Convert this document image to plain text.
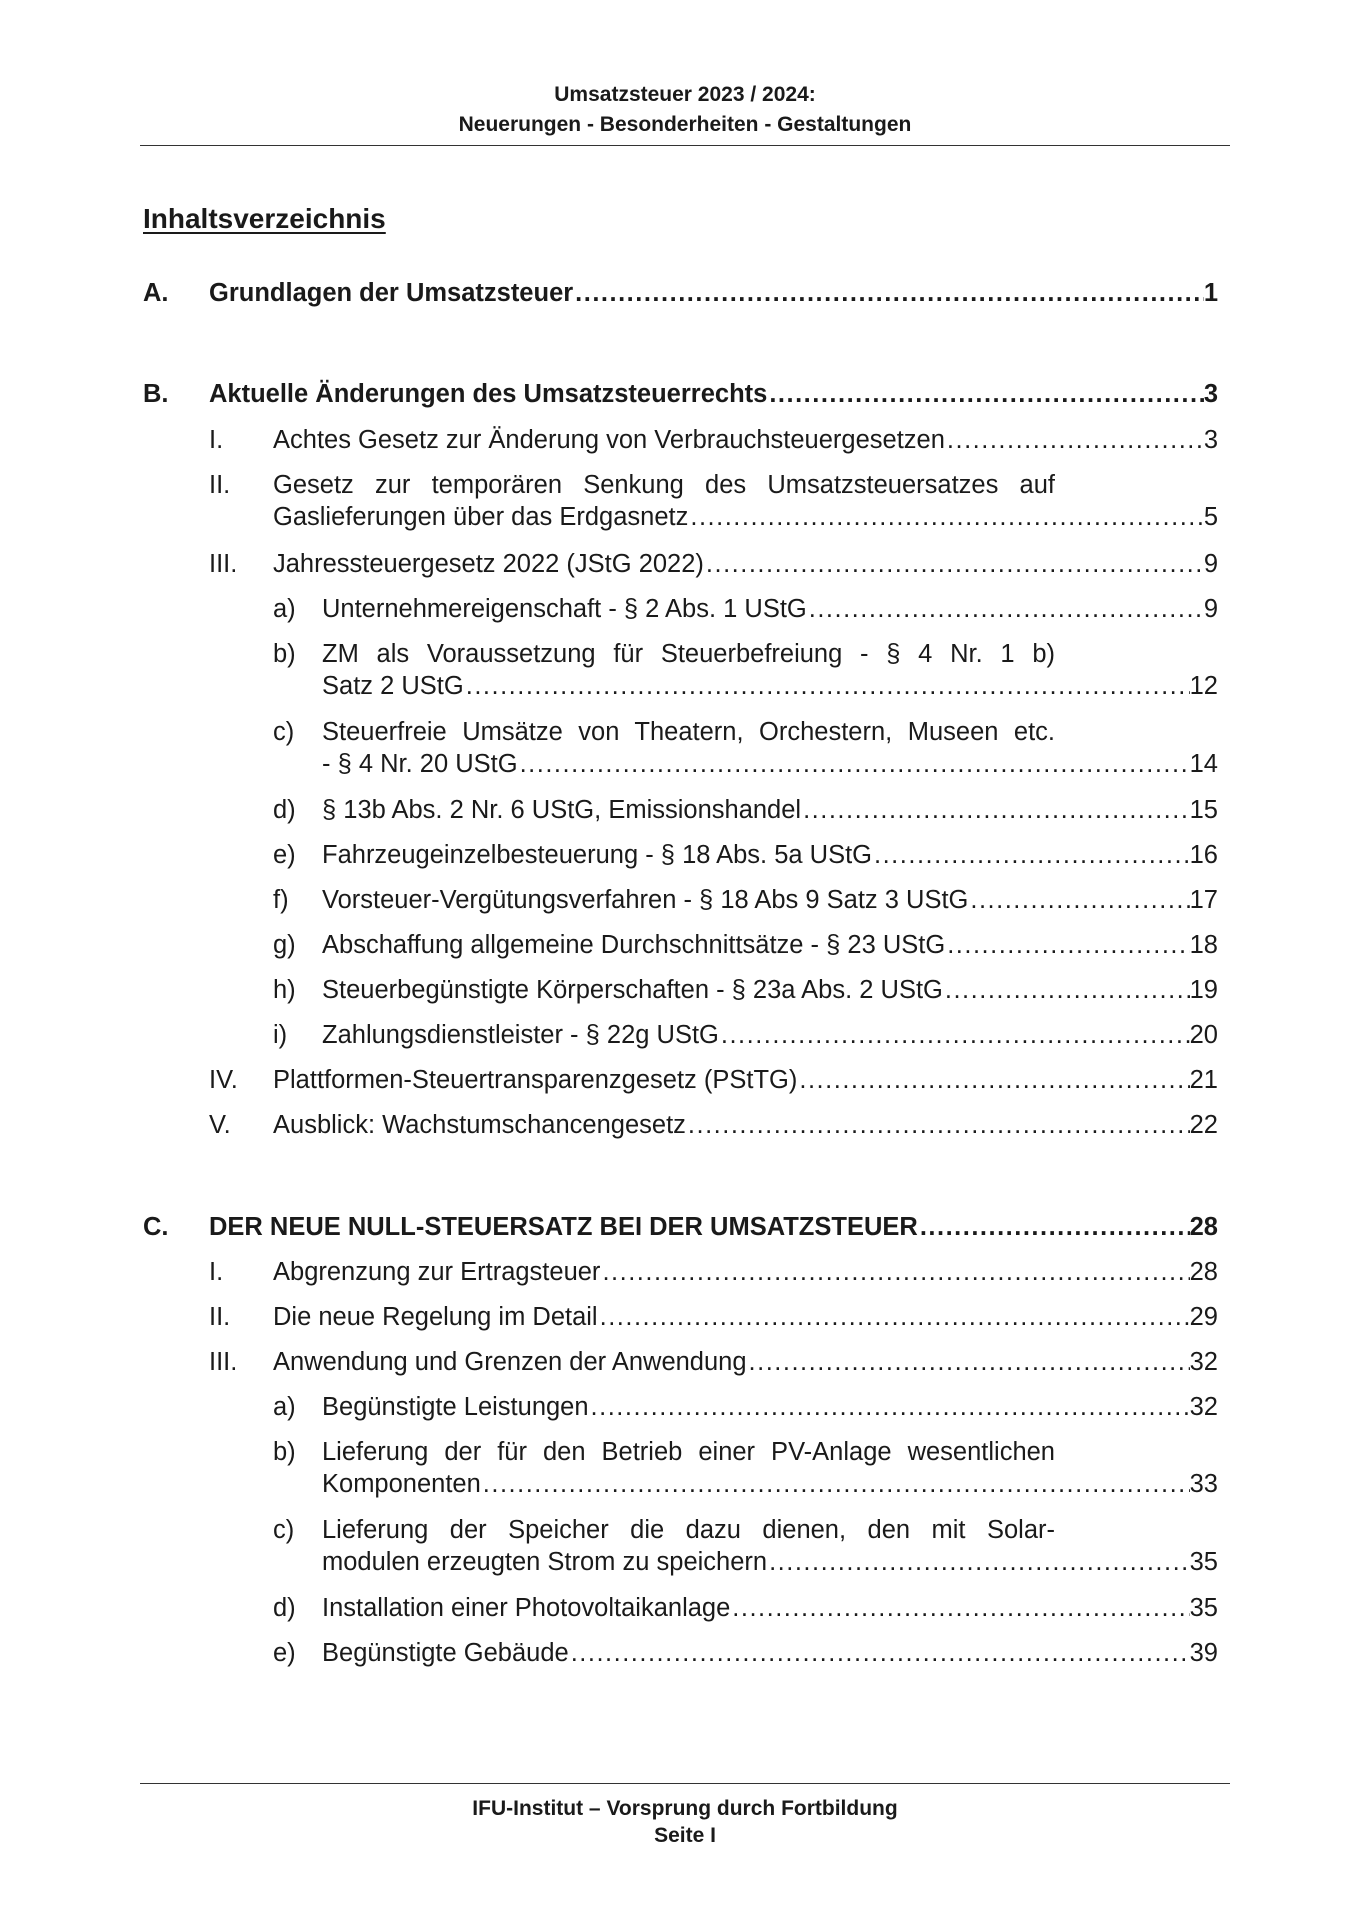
Umsatzsteuer 2023 / 2024:
Neuerungen - Besonderheiten - Gestaltungen
Inhaltsverzeichnis
A. Grundlagen der Umsatzsteuer .....	1
B. Aktuelle Änderungen des Umsatzsteuerrechts .....	3
I. Achtes Gesetz zur Änderung von Verbrauchsteuergesetzen .....	3
II. Gesetz zur temporären Senkung des Umsatzsteuersatzes auf
Gaslieferungen über das Erdgasnetz .....	5
III. Jahressteuergesetz 2022 (JStG 2022) .....	9
a) Unternehmereigenschaft - § 2 Abs. 1 UStG .....	9
b) ZM als Voraussetzung für Steuerbefreiung - § 4 Nr. 1 b)
Satz 2 UStG .....	12
c) Steuerfreie Umsätze von Theatern, Orchestern, Museen etc.
- § 4 Nr. 20 UStG .....	14
d) § 13b Abs. 2 Nr. 6 UStG, Emissionshandel .....	15
e) Fahrzeugeinzelbesteuerung - § 18 Abs. 5a UStG .....	16
f) Vorsteuer-Vergütungsverfahren - § 18 Abs 9 Satz 3 UStG .....	17
g) Abschaffung allgemeine Durchschnittsätze - § 23 UStG .....	18
h) Steuerbegünstigte Körperschaften - § 23a Abs. 2 UStG .....	19
i) Zahlungsdienstleister - § 22g UStG .....	20
IV. Plattformen-Steuertransparenzgesetz (PStTG) .....	21
V. Ausblick: Wachstumschancengesetz .....	22
C. DER NEUE NULL-STEUERSATZ BEI DER UMSATZSTEUER .....	28
I. Abgrenzung zur Ertragsteuer .....	28
II. Die neue Regelung im Detail .....	29
III. Anwendung und Grenzen der Anwendung .....	32
a) Begünstigte Leistungen .....	32
b) Lieferung der für den Betrieb einer PV-Anlage wesentlichen
Komponenten .....	33
c) Lieferung der Speicher die dazu dienen, den mit Solar-
modulen erzeugten Strom zu speichern .....	35
d) Installation einer Photovoltaikanlage .....	35
e) Begünstigte Gebäude .....	39
IFU-Institut – Vorsprung durch Fortbildung
Seite I
